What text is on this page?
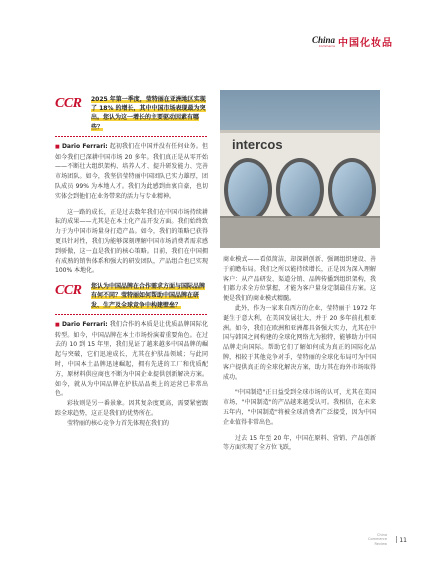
China
Commerce 中国化妆品
intercos
CCR 2025 年第一季度，莹特丽在亚洲地区实现了 18% 的增长，其中中国市场表现最为突出。您认为这一增长的主要驱动因素有哪些？

■ Dario Ferrari: 起初我们在中国并没有任何业务。但如今我们已深耕中国市场 20 多年。我们真正是从零开始——不断壮大组织架构、培养人才、提升研发能力、完善市场团队。如今，我坚信莹特丽中国团队已实力雄厚，团队成员 99% 为本地人才。我们为此感到由衷自豪，也切实体会到他们在业务带来的活力与专业精神。

这一路的成长，正是过去数年我们在中国市场持续耕耘的成果——尤其是在本土化产品开发方面。我们始终致力于为中国市场量身打造产品。如今，我们的策略已获得更具针对性，我们为能够深刻理解中国市场消费者需求感到骄傲，这一直是我们的核心策略。目前，我们在中国拥有成熟的销售体系和强大的研发团队，产品组合也已实现 100% 本地化。

CCR 您认为中国品牌在合作需求方面与国际品牌有何不同？莹特丽如何帮助中国品牌在研发、生产及全球竞争中构建壁垒？

■ Dario Ferrari: 我们合作的本质是让优质品牌国际化转型。如今，中国品牌在本土市场扮演着重要角色。在过去的 10 到 15 年里，我们见证了越来越多中国品牌的崛起与突破，它们迅速成长，尤其在护肤品领域；与此同时，中国本土品牌迅速崛起，拥有先进的工厂和优质配方，原材料供应商也不断为中国企业提供创新解决方案。如今，就从为中国品牌在护肤品品类上的运营已非常出色。

彩妆则是另一番景象。因其复杂度更高，需要紧密跟踪全球趋势，这正是我们的优势所在。

莹特丽的核心竞争力首先体现在我们的

商业模式——看似简洁，却深耕创新、强调组织建设、善于前瞻布局。我们之所以能持续增长，正是因为深入理解客户：从产品研发、渠道分销、品牌传播到组织架构，我们都力求全方位掌握，才能为客户量身定制最佳方案。这便是我们的商业模式精髓。

此外，作为一家来自西方的企业，莹特丽于 1972 年诞生于意大利，在美国发展壮大，并于 20 多年前扎根亚洲。如今，我们在欧洲和亚洲都具备强大实力，尤其在中国与韩国之间构建的全球化网络尤为独特，能够助力中国品牌走向国际。帮助它们了解如何成为真正的国际化品牌，相较于其他竞争对手，莹特丽的全球化布局可为中国客户提供真正的全球化解决方案，助力其在海外市场取得成功。

"中国制造"正日益受到全球市场的认可，尤其在美国市场，"中国制造"的产品越来越受认可。我相信，在未来五年内，"中国制造"将被全球消费者广泛接受，因为中国企业值得非常出色。

过去 15 年至 20 年，中国在原料、营销、产品创新等方面实现了全方位飞跃，

China
Commerce
Review 11
